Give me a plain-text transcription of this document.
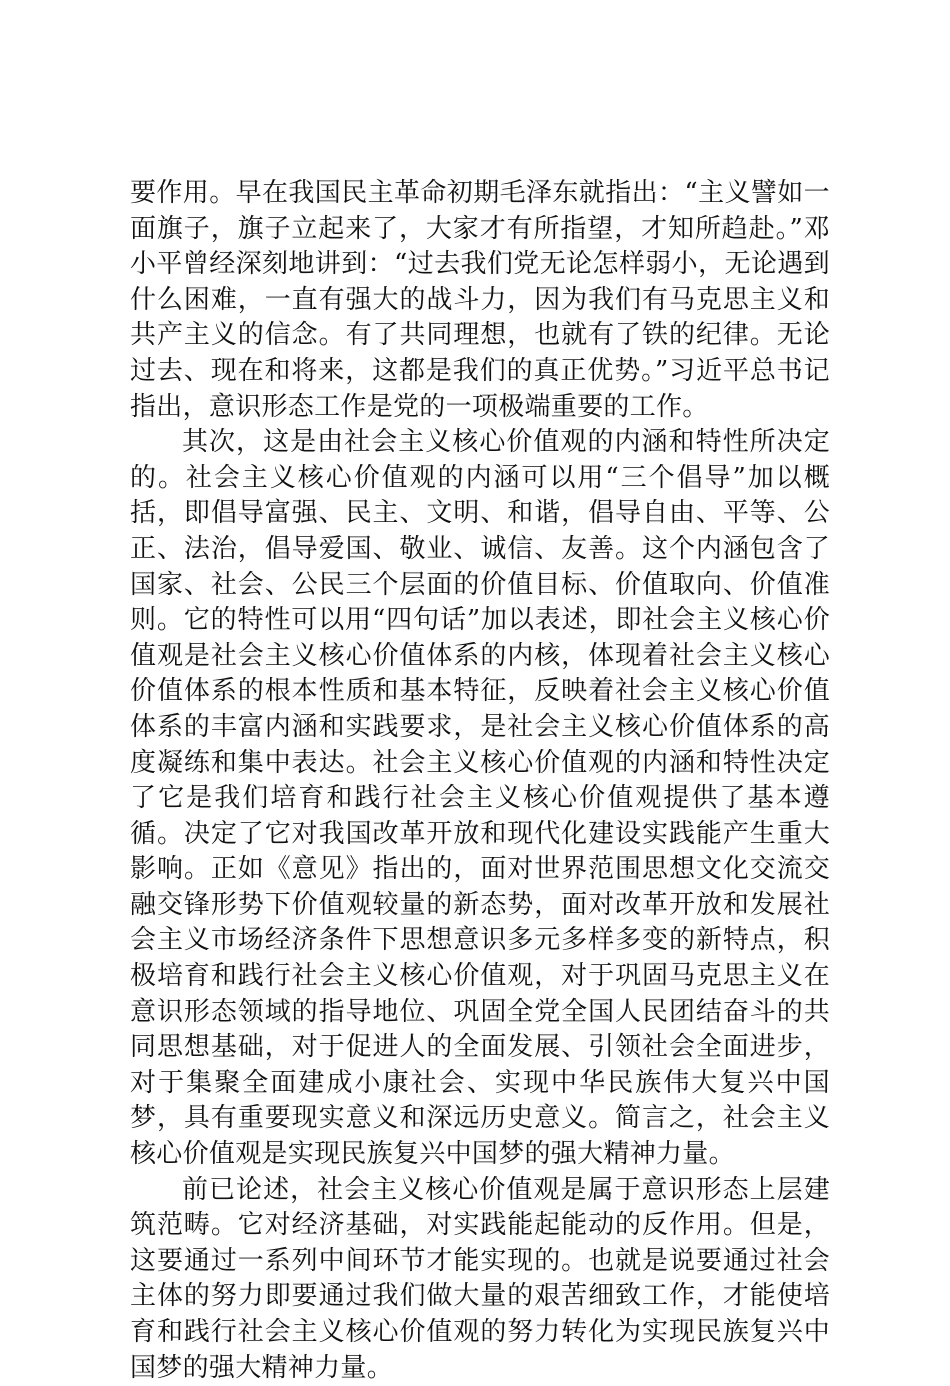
要作用。早在我国民主革命初期毛泽东就指出：“主义譬如一面旗子，旗子立起来了，大家才有所指望，才知所趋赴。”邓小平曾经深刻地讲到：“过去我们党无论怎样弱小，无论遇到什么困难，一直有强大的战斗力，因为我们有马克思主义和共产主义的信念。有了共同理想，也就有了铁的纪律。无论过去、现在和将来，这都是我们的真正优势。”习近平总书记指出，意识形态工作是党的一项极端重要的工作。

其次，这是由社会主义核心价值观的内涵和特性所决定的。社会主义核心价值观的内涵可以用“三个倡导”加以概括，即倡导富强、民主、文明、和谐，倡导自由、平等、公正、法治，倡导爱国、敬业、诚信、友善。这个内涵包含了国家、社会、公民三个层面的价值目标、价值取向、价值准则。它的特性可以用“四句话”加以表述，即社会主义核心价值观是社会主义核心价值体系的内核，体现着社会主义核心价值体系的根本性质和基本特征，反映着社会主义核心价值体系的丰富内涵和实践要求，是社会主义核心价值体系的高度凝练和集中表达。社会主义核心价值观的内涵和特性决定了它是我们培育和践行社会主义核心价值观提供了基本遵循。决定了它对我国改革开放和现代化建设实践能产生重大影响。正如《意见》指出的，面对世界范围思想文化交流交融交锋形势下价值观较量的新态势，面对改革开放和发展社会主义市场经济条件下思想意识多元多样多变的新特点，积极培育和践行社会主义核心价值观，对于巩固马克思主义在意识形态领域的指导地位、巩固全党全国人民团结奋斗的共同思想基础，对于促进人的全面发展、引领社会全面进步，对于集聚全面建成小康社会、实现中华民族伟大复兴中国梦，具有重要现实意义和深远历史意义。简言之，社会主义核心价值观是实现民族复兴中国梦的强大精神力量。

前已论述，社会主义核心价值观是属于意识形态上层建筑范畴。它对经济基础，对实践能起能动的反作用。但是，这要通过一系列中间环节才能实现的。也就是说要通过社会主体的努力即要通过我们做大量的艰苦细致工作，才能使培育和践行社会主义核心价值观的努力转化为实现民族复兴中国梦的强大精神力量。
